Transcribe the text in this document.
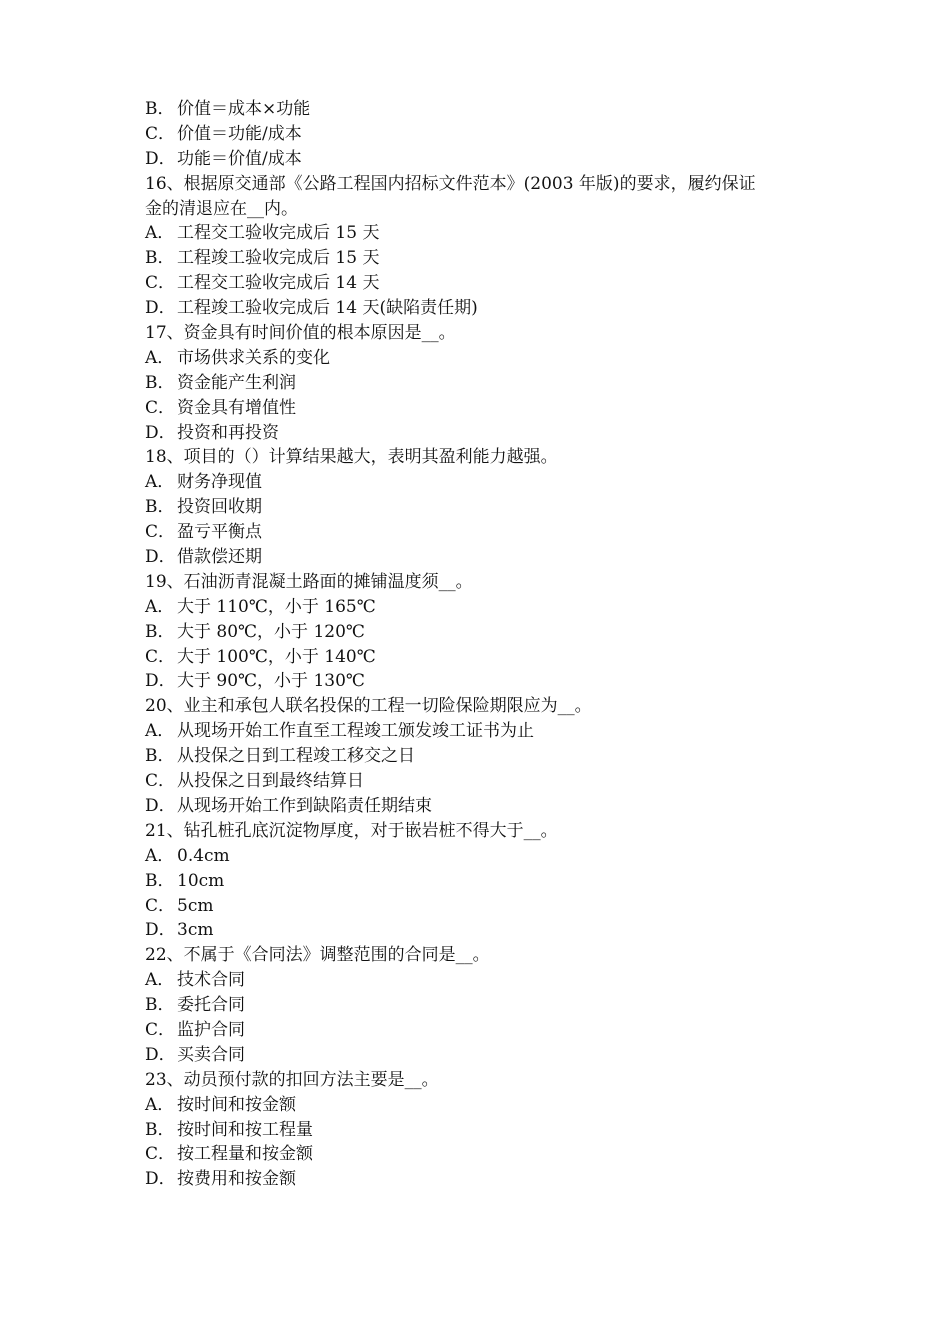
B． 价值＝成本×功能
C． 价值＝功能/成本
D．功能＝价值/成本
16、根据原交通部《公路工程国内招标文件范本》(2003 年版)的要求，履约保证
金的清退应在__内。
A． 工程交工验收完成后 15 天
B． 工程竣工验收完成后 15 天
C． 工程交工验收完成后 14 天
D．工程竣工验收完成后 14 天(缺陷责任期)
17、资金具有时间价值的根本原因是__。
A． 市场供求关系的变化
B． 资金能产生利润
C． 资金具有增值性
D．投资和再投资
18、项目的（）计算结果越大，表明其盈利能力越强。
A． 财务净现值
B． 投资回收期
C． 盈亏平衡点
D．借款偿还期
19、石油沥青混凝土路面的摊铺温度须__。
A． 大于 110℃，小于 165℃
B． 大于 80℃，小于 120℃
C． 大于 100℃，小于 140℃
D．大于 90℃，小于 130℃
20、业主和承包人联名投保的工程一切险保险期限应为__。
A． 从现场开始工作直至工程竣工颁发竣工证书为止
B． 从投保之日到工程竣工移交之日
C． 从投保之日到最终结算日
D．从现场开始工作到缺陷责任期结束
21、钻孔桩孔底沉淀物厚度，对于嵌岩桩不得大于__。
A． 0.4cm
B． 10cm
C． 5cm
D．3cm
22、不属于《合同法》调整范围的合同是__。
A． 技术合同
B． 委托合同
C． 监护合同
D．买卖合同
23、动员预付款的扣回方法主要是__。
A． 按时间和按金额
B． 按时间和按工程量
C． 按工程量和按金额
D．按费用和按金额
